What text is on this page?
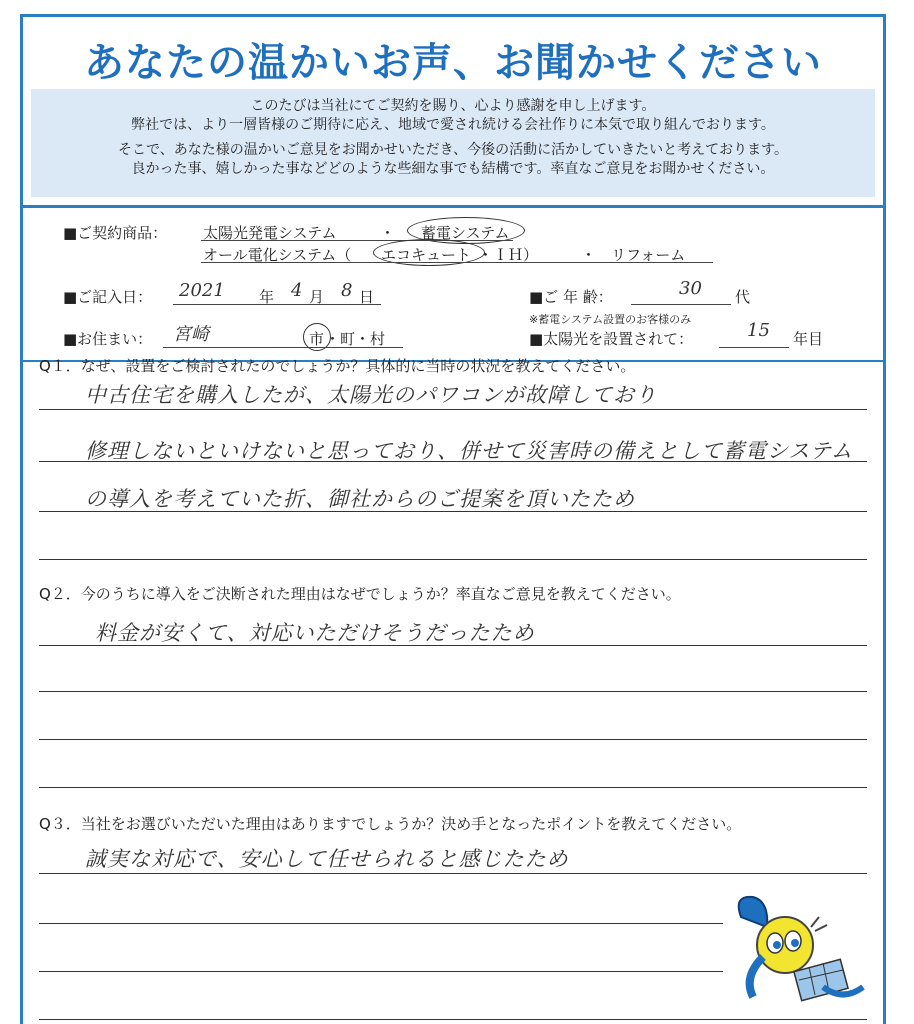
あなたの温かいお声、お聞かせください

このたびは当社にてご契約を賜り、心より感謝を申し上げます。

弊社では、より一層皆様のご期待に応え、地域で愛され続ける会社作りに本気で取り組んでおります。

そこで、あなた様の温かいご意見をお聞かせいただき、今後の活動に活かしていきたいと考えております。

良かった事、嬉しかった事などどのような些細な事でも結構です。率直なご意見をお聞かせください。

■ご契約商品： 太陽光発電システム	・ 蓄電システム
オール電化システム（ エコキュート ・ＩＨ）	・ リフォーム
■ご記入日： 2021 年 4 月 8 日	■ご 年 齢：	30 代
※蓄電システム設置のお客様のみ
■お住まい： 宮崎	市 ・町・村	■太陽光を設置されて：	15 年目
Q１．なぜ、設置をご検討されたのでしょうか？具体的に当時の状況を教えてください。
中古住宅を購入したが、太陽光のパワコンが故障しており
修理しないといけないと思っており、併せて災害時の備えとして蓄電システム
の導入を考えていた折、御社からのご提案を頂いたため
Q２．今のうちに導入をご決断された理由はなぜでしょうか？率直なご意見を教えてください。
料金が安くて、対応いただけそうだったため
Q３．当社をお選びいただいた理由はありますでしょうか？決め手となったポイントを教えてください。
誠実な対応で、安心して任せられると感じたため
